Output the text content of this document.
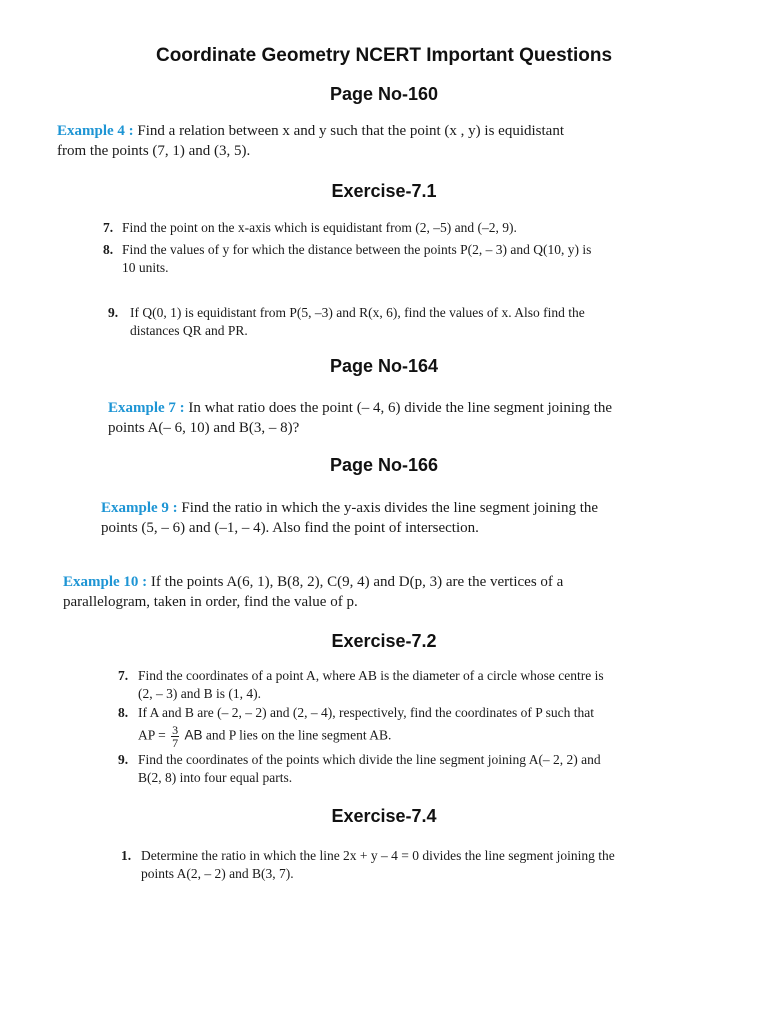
Coordinate Geometry NCERT Important Questions
Page No-160
Example 4 : Find a relation between x and y such that the point (x , y) is equidistant
from the points (7, 1) and (3, 5).
Exercise-7.1
7. Find the point on the x-axis which is equidistant from (2, –5) and (–2, 9).
8. Find the values of y for which the distance between the points P(2, – 3) and Q(10, y) is
10 units.
9. If Q(0, 1) is equidistant from P(5, –3) and R(x, 6), find the values of x. Also find the
distances QR and PR.
Page No-164
Example 7 : In what ratio does the point (– 4, 6) divide the line segment joining the
points A(– 6, 10) and B(3, – 8)?
Page No-166
Example 9 : Find the ratio in which the y-axis divides the line segment joining the
points (5, – 6) and (–1, – 4). Also find the point of intersection.
Example 10 : If the points A(6, 1), B(8, 2), C(9, 4) and D(p, 3) are the vertices of a
parallelogram, taken in order, find the value of p.
Exercise-7.2
7. Find the coordinates of a point A, where AB is the diameter of a circle whose centre is
(2, – 3) and B is (1, 4).
8. If A and B are (– 2, – 2) and (2, – 4), respectively, find the coordinates of P such that
AP = $\frac{3}{7}$ AB and P lies on the line segment AB.
9. Find the coordinates of the points which divide the line segment joining A(– 2, 2) and
B(2, 8) into four equal parts.
Exercise-7.4
1. Determine the ratio in which the line 2x + y – 4 = 0 divides the line segment joining the
points A(2, – 2) and B(3, 7).
